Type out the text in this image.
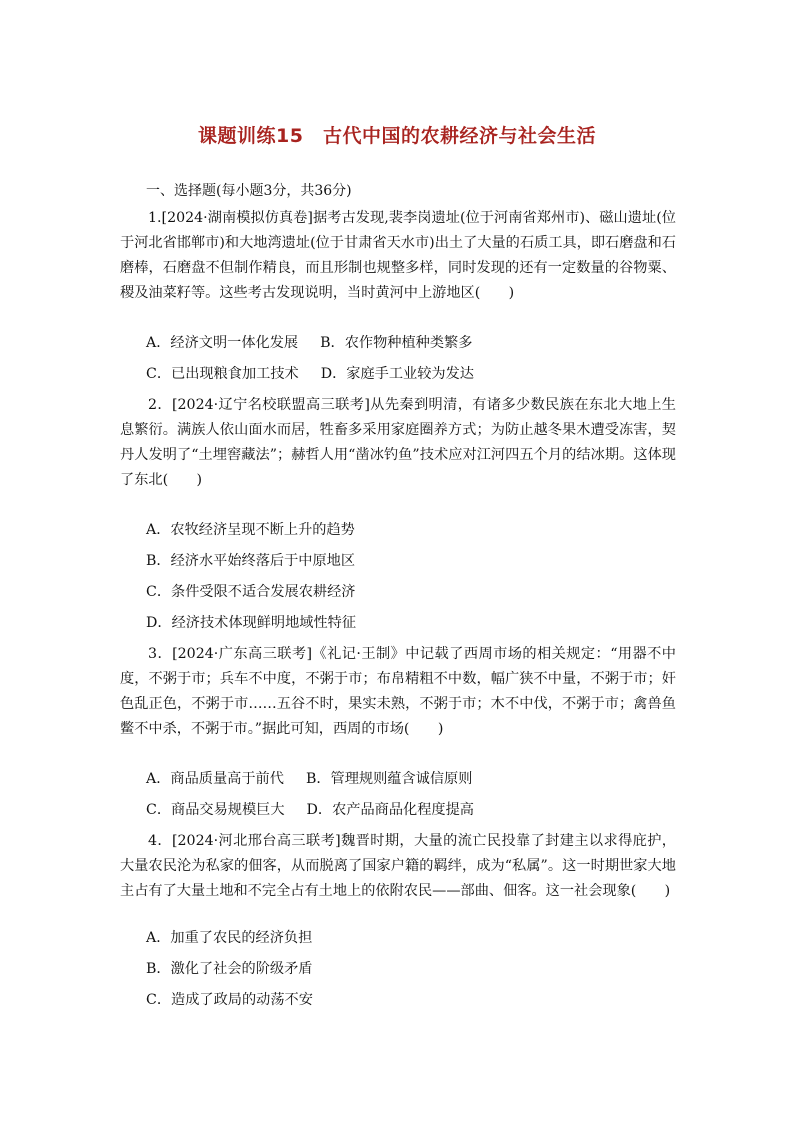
课题训练15　古代中国的农耕经济与社会生活
一、选择题(每小题3分，共36分)
1.[2024·湖南模拟仿真卷]据考古发现,裴李岗遗址(位于河南省郑州市)、磁山遗址(位于河北省邯郸市)和大地湾遗址(位于甘肃省天水市)出土了大量的石质工具，即石磨盘和石磨棒，石磨盘不但制作精良，而且形制也规整多样，同时发现的还有一定数量的谷物粟、稷及油菜籽等。这些考古发现说明，当时黄河中上游地区(　　)
A．经济文明一体化发展 B．农作物种植种类繁多
C．已出现粮食加工技术 D．家庭手工业较为发达
2．[2024·辽宁名校联盟高三联考]从先秦到明清，有诸多少数民族在东北大地上生息繁衍。满族人依山面水而居，牲畜多采用家庭圈养方式；为防止越冬果木遭受冻害，契丹人发明了“土埋窖藏法”；赫哲人用“凿冰钓鱼”技术应对江河四五个月的结冰期。这体现了东北(　　)
A．农牧经济呈现不断上升的趋势
B．经济水平始终落后于中原地区
C．条件受限不适合发展农耕经济
D．经济技术体现鲜明地域性特征
3．[2024·广东高三联考]《礼记·王制》中记载了西周市场的相关规定：“用器不中度，不粥于市；兵车不中度，不粥于市；布帛精粗不中数，幅广狭不中量，不粥于市；奸色乱正色，不粥于市……五谷不时，果实未熟，不粥于市；木不中伐，不粥于市；禽兽鱼鳖不中杀，不粥于市。”据此可知，西周的市场(　　)
A．商品质量高于前代 B．管理规则蕴含诚信原则
C．商品交易规模巨大 D．农产品商品化程度提高
4．[2024·河北邢台高三联考]魏晋时期，大量的流亡民投靠了封建主以求得庇护，大量农民沦为私家的佃客，从而脱离了国家户籍的羁绊，成为“私属”。这一时期世家大地主占有了大量土地和不完全占有土地上的依附农民——部曲、佃客。这一社会现象(　　)
A．加重了农民的经济负担
B．激化了社会的阶级矛盾
C．造成了政局的动荡不安
